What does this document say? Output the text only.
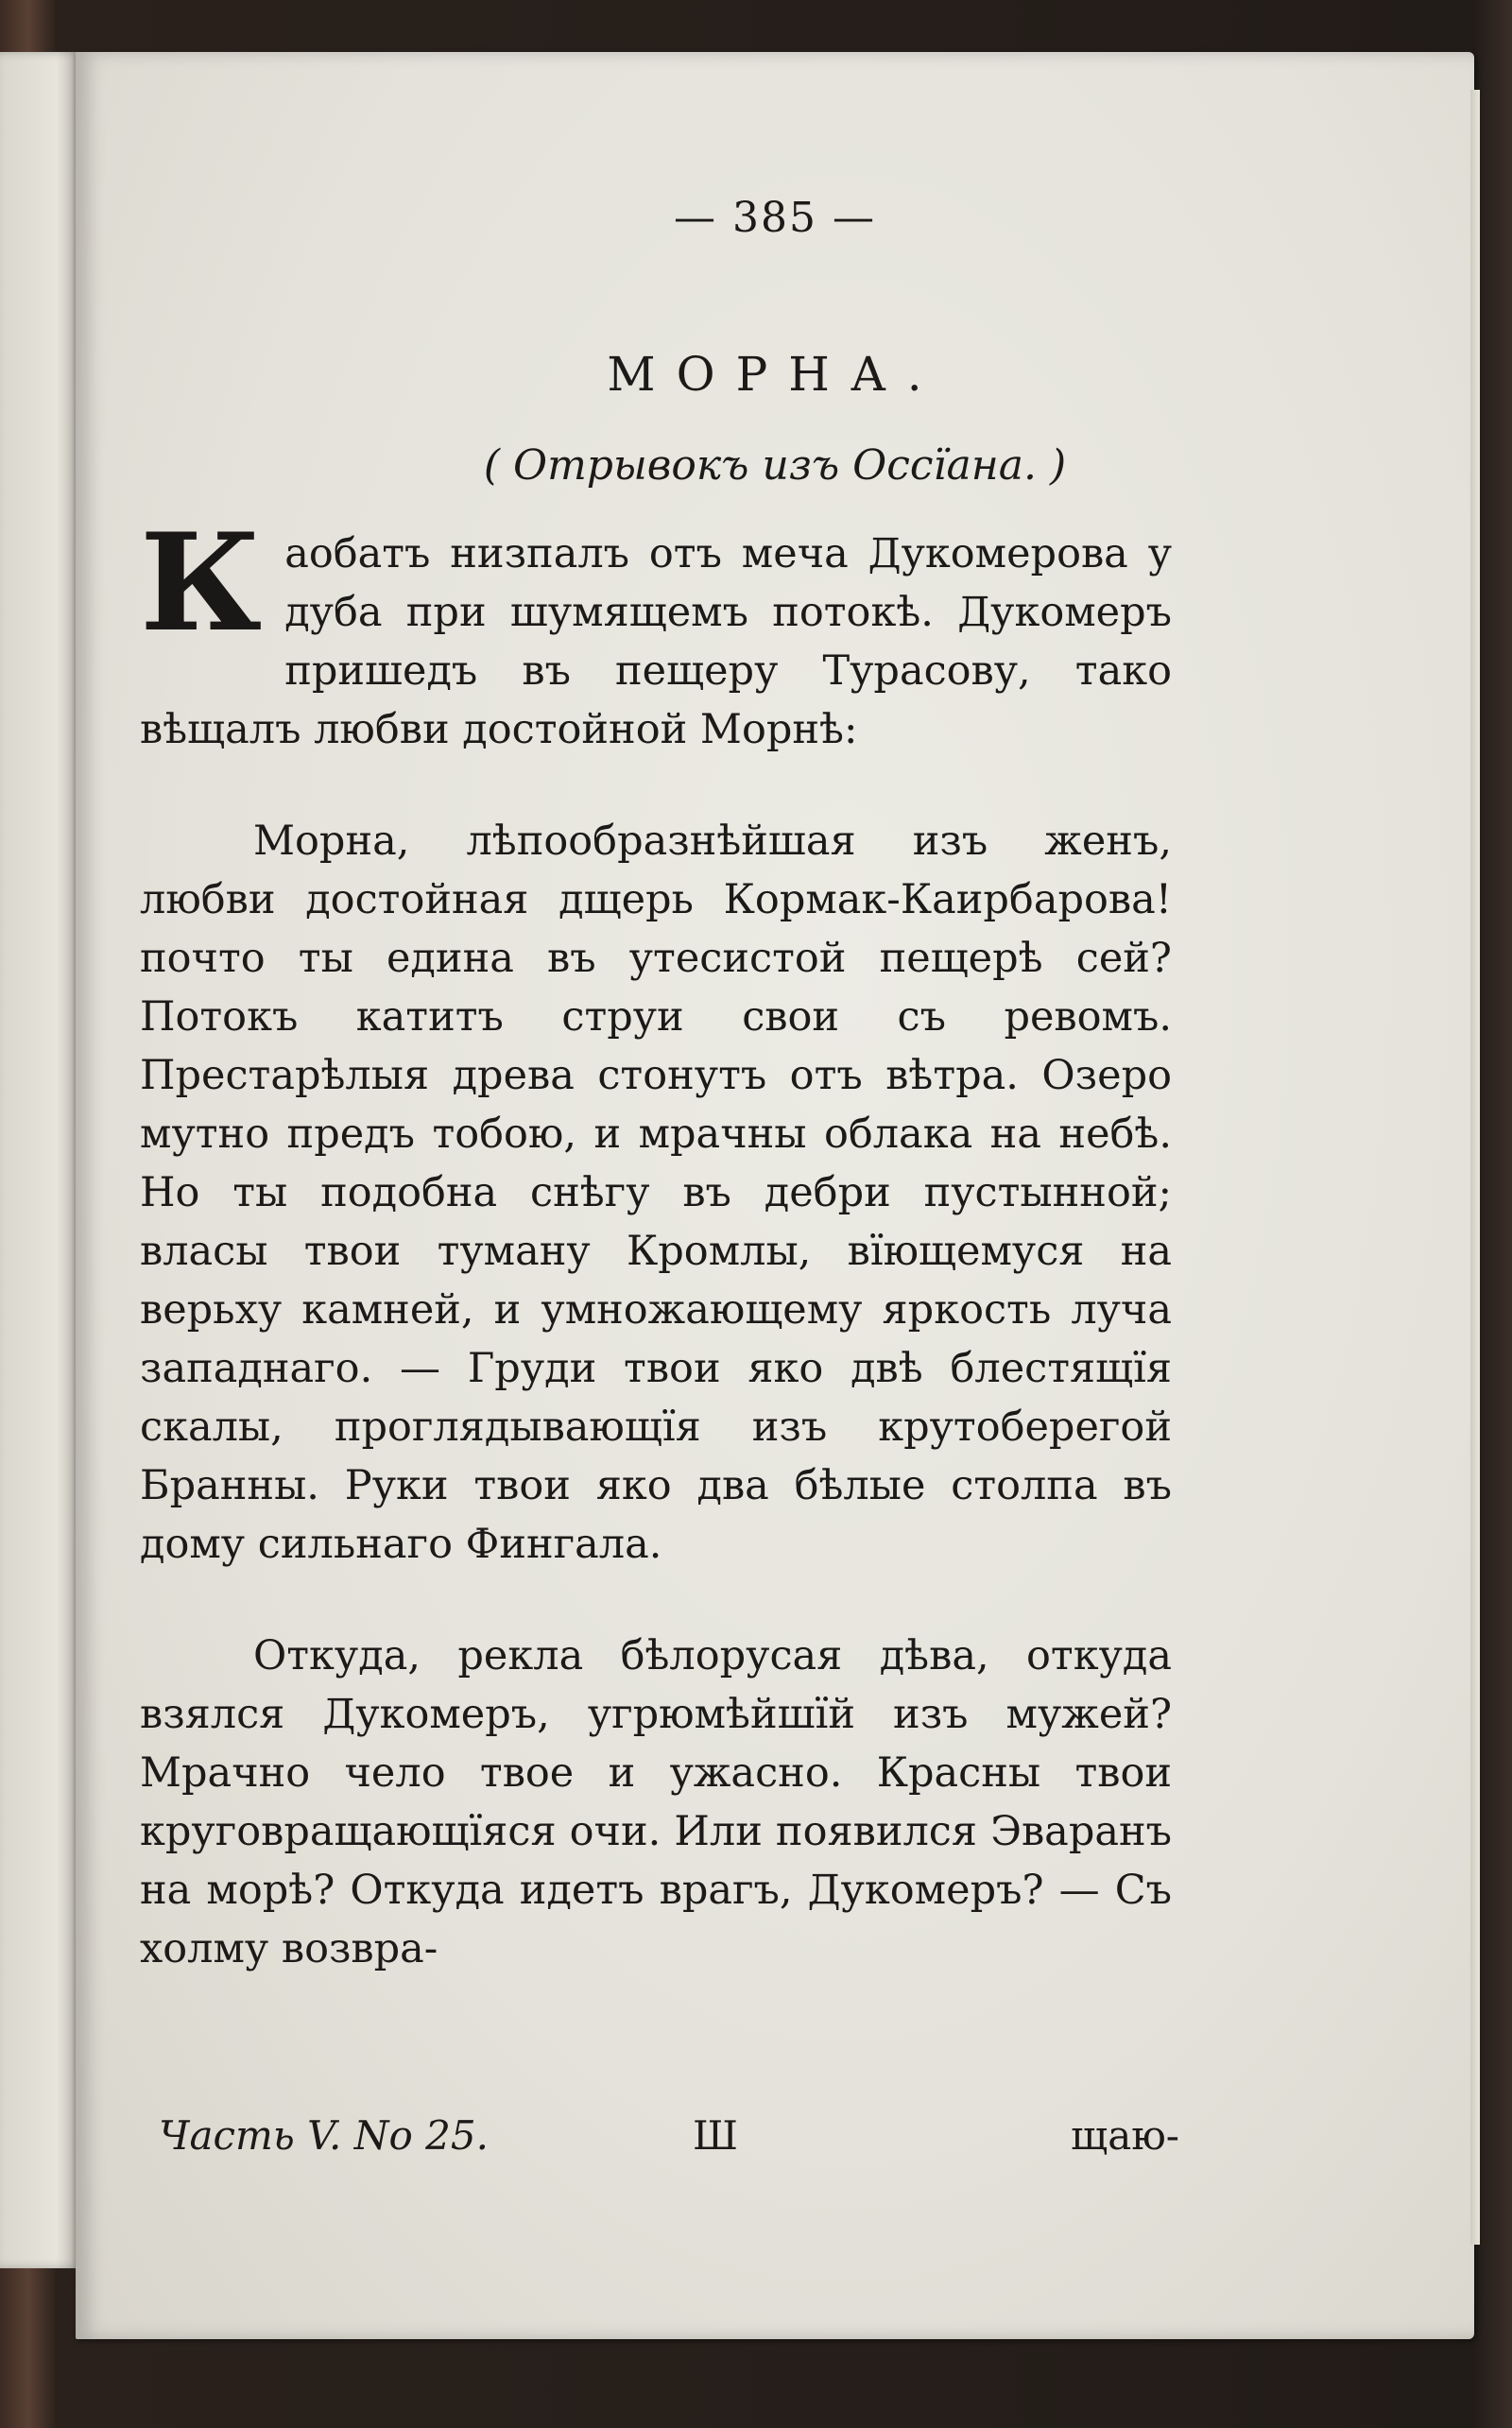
— 385 —
МОРНА.
( Отрывокъ изъ Оссїана. )

Каобатъ низпалъ отъ меча Дукомерова у дуба при шумящемъ потокѣ. Дукомеръ пришедъ въ пещеру Турасову, тако вѣщалъ любви достойной Морнѣ:

Морна, лѣпообразнѣйшая изъ женъ, любви достойная дщерь Кормак-Каирбарова! почто ты едина въ утесистой пещерѣ сей? Потокъ катитъ струи свои съ ревомъ. Престарѣлыя древа стонутъ отъ вѣтра. Озеро мутно предъ тобою, и мрачны облака на небѣ. Но ты подобна снѣгу въ дебри пустынной; власы твои туману Кромлы, вїющемуся на верьху камней, и умножающему яркость луча западнаго. — Груди твои яко двѣ блестящїя скалы, проглядывающїя изъ крутоберегой Бранны. Руки твои яко два бѣлые столпа въ дому сильнаго Фингала.

Откуда, рекла бѣлорусая дѣва, откуда взялся Дукомеръ, угрюмѣйшїй изъ мужей? Мрачно чело твое и ужасно. Красны твои круговращающїяся очи. Или появился Эваранъ на морѣ? Откуда идетъ врагъ, Дукомеръ? — Съ холму возвра-

Часть V. No 25.	Ш	щаю-
